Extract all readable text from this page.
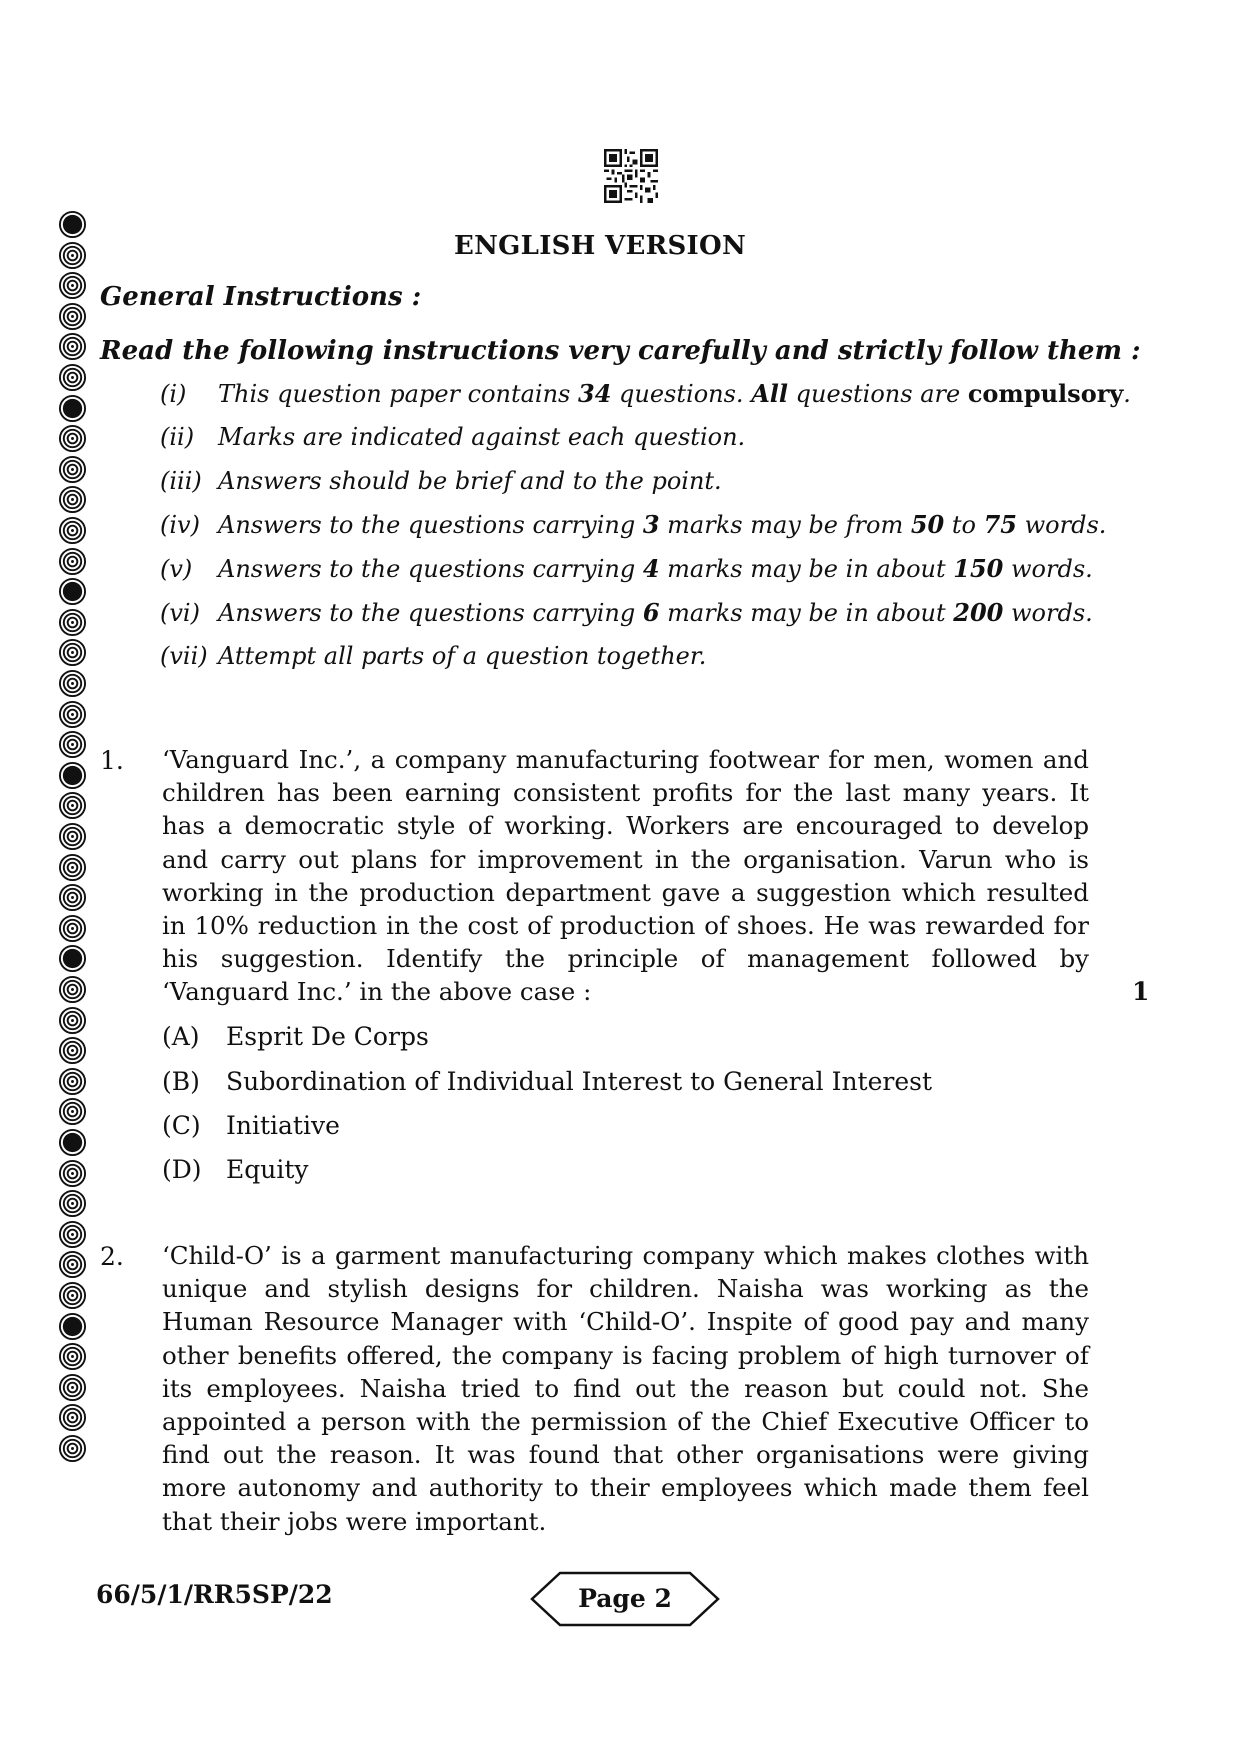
ENGLISH VERSION
General Instructions :
Read the following instructions very carefully and strictly follow them :
(i) This question paper contains 34 questions. All questions are compulsory.
(ii) Marks are indicated against each question.
(iii) Answers should be brief and to the point.
(iv) Answers to the questions carrying 3 marks may be from 50 to 75 words.
(v) Answers to the questions carrying 4 marks may be in about 150 words.
(vi) Answers to the questions carrying 6 marks may be in about 200 words.
(vii) Attempt all parts of a question together.
1. ‘Vanguard Inc.’, a company manufacturing footwear for men, women and children has been earning consistent profits for the last many years. It has a democratic style of working. Workers are encouraged to develop and carry out plans for improvement in the organisation. Varun who is working in the production department gave a suggestion which resulted in 10% reduction in the cost of production of shoes. He was rewarded for his suggestion. Identify the principle of management followed by ‘Vanguard Inc.’ in the above case :	1
(A) Esprit De Corps
(B) Subordination of Individual Interest to General Interest
(C) Initiative
(D) Equity
2. ‘Child-O’ is a garment manufacturing company which makes clothes with unique and stylish designs for children. Naisha was working as the Human Resource Manager with ‘Child-O’. Inspite of good pay and many other benefits offered, the company is facing problem of high turnover of its employees. Naisha tried to find out the reason but could not. She appointed a person with the permission of the Chief Executive Officer to find out the reason. It was found that other organisations were giving more autonomy and authority to their employees which made them feel that their jobs were important.
66/5/1/RR5SP/22	Page 2
